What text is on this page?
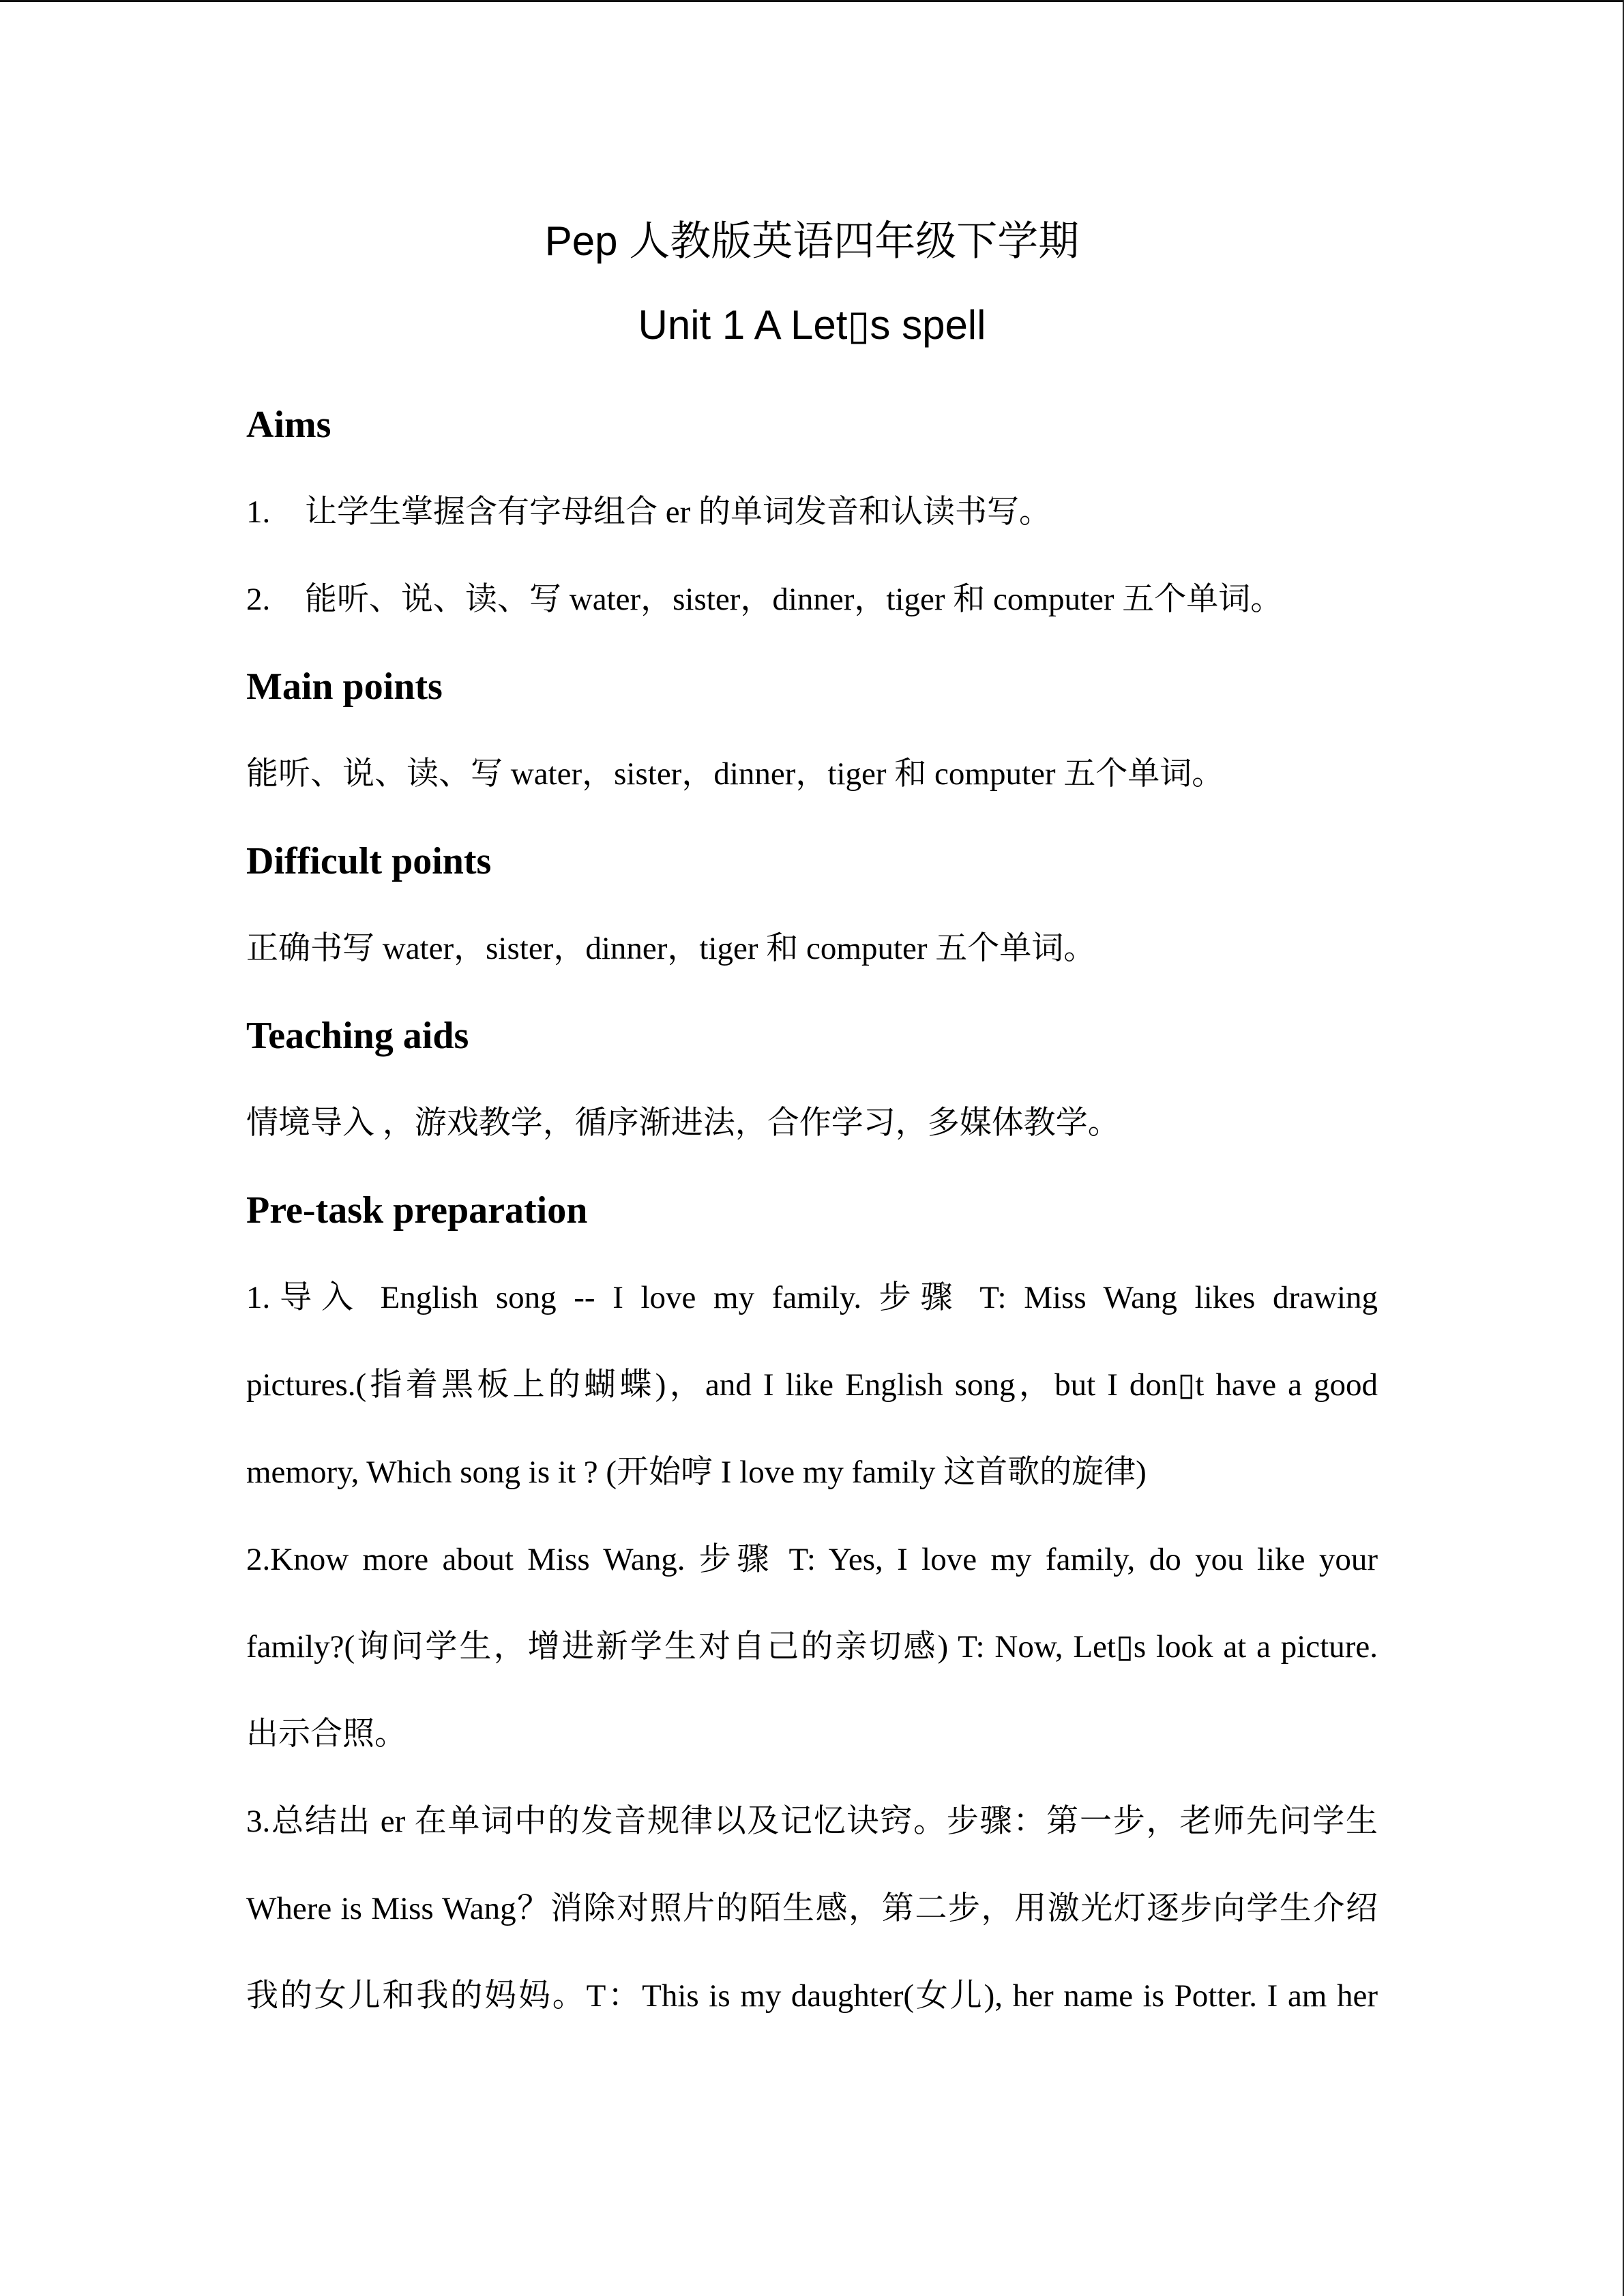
Pep 人教版英语四年级下学期
Unit 1 A Let▯s spell
Aims
1. 让学生掌握含有字母组合 er 的单词发音和认读书写。
2. 能听、说、读、写 water，sister，dinner，tiger 和 computer 五个单词。
Main points
能听、说、读、写 water，sister，dinner，tiger 和 computer 五个单词。
Difficult points
正确书写 water，sister，dinner，tiger 和 computer 五个单词。
Teaching aids
情境导入 ，游戏教学，循序渐进法，合作学习，多媒体教学。
Pre-task preparation
1.导入 English song -- I love my family. 步骤 T: Miss Wang likes drawing
pictures.(指着黑板上的蝴蝶)，and I like English song，but I don▯t have a good
memory, Which song is it ? (开始哼 I love my family 这首歌的旋律)
2.Know more about Miss Wang. 步骤 T: Yes, I love my family, do you like your
family?(询问学生，增进新学生对自己的亲切感) T: Now, Let▯s look at a picture.
出示合照。
3.总结出 er 在单词中的发音规律以及记忆诀窍。步骤：第一步，老师先问学生
Where is Miss Wang？消除对照片的陌生感，第二步，用激光灯逐步向学生介绍
我的女儿和我的妈妈。T：This is my daughter(女儿), her name is Potter. I am her
